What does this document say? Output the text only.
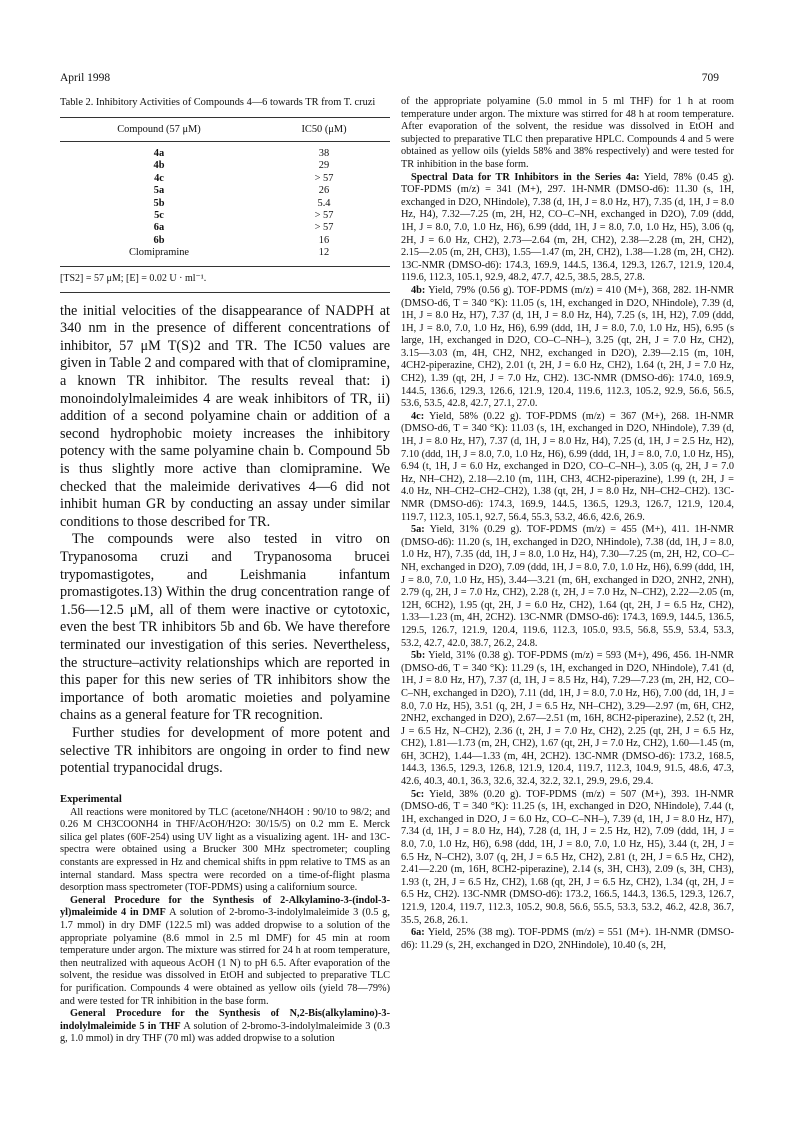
April 1998	709

Table 2. Inhibitory Activities of Compounds 4—6 towards TR from T. cruzi

Compound (57 μM)	IC50 (μM)
4a	38
4b	29
4c	> 57
5a	26
5b	5.4
5c	> 57
6a	> 57
6b	16
Clomipramine	12

[TS2] = 57 μM; [E] = 0.02 U · ml⁻¹.

the initial velocities of the disappearance of NADPH at 340 nm in the presence of different concentrations of inhibitor, 57 μM T(S)2 and TR. The IC50 values are given in Table 2 and compared with that of clomipramine, a known TR inhibitor. The results reveal that: i) monoindolylmaleimides 4 are weak inhibitors of TR, ii) addition of a second polyamine chain or addition of a second hydrophobic moiety increases the inhibitory potency with the same polyamine chain b. Compound 5b is thus slightly more active than clomipramine. We checked that the maleimide derivatives 4—6 did not inhibit human GR by conducting an assay under similar conditions to those described for TR.

The compounds were also tested in vitro on Trypanosoma cruzi and Trypanosoma brucei trypomastigotes, and Leishmania infantum promastigotes.13) Within the drug concentration range of 1.56—12.5 μM, all of them were inactive or cytotoxic, even the best TR inhibitors 5b and 6b. We have therefore terminated our investigation of this series. Nevertheless, the structure–activity relationships which are reported in this paper for this new series of TR inhibitors show the importance of both aromatic moieties and polyamine chains as a general feature for TR recognition.

Further studies for development of more potent and selective TR inhibitors are ongoing in order to find new potential trypanocidal drugs.

Experimental

All reactions were monitored by TLC (acetone/NH4OH : 90/10 to 98/2; and 0.26 M CH3COONH4 in THF/AcOH/H2O: 30/15/5) on 0.2 mm E. Merck silica gel plates (60F-254) using UV light as a visualizing agent. 1H- and 13C-spectra were obtained using a Brucker 300 MHz spectrometer; coupling constants are expressed in Hz and chemical shifts in ppm relative to TMS as an internal standard. Mass spectra were recorded on a time-of-flight plasma desorption mass spectrometer (TOF-PDMS) using a californium source.

General Procedure for the Synthesis of 2-Alkylamino-3-(indol-3-yl)maleimide 4 in DMF A solution of 2-bromo-3-indolylmaleimide 3 (0.5 g, 1.7 mmol) in dry DMF (122.5 ml) was added dropwise to a solution of the appropriate polyamine (8.6 mmol in 2.5 ml DMF) for 45 min at room temperature under argon. The mixture was stirred for 24 h at room temperature, then neutralized with aqueous AcOH (1 N) to pH 6.5. After evaporation of the solvent, the residue was dissolved in EtOH and subjected to preparative TLC for purification. Compounds 4 were obtained as yellow oils (yield 78—79%) and were tested for TR inhibition in the base form.

General Procedure for the Synthesis of N,2-Bis(alkylamino)-3-indolylmaleimide 5 in THF A solution of 2-bromo-3-indolylmaleimide 3 (0.3 g, 1.0 mmol) in dry THF (70 ml) was added dropwise to a solution

of the appropriate polyamine (5.0 mmol in 5 ml THF) for 1 h at room temperature under argon. The mixture was stirred for 48 h at room temperature. After evaporation of the solvent, the residue was dissolved in EtOH and subjected to preparative TLC then preparative HPLC. Compounds 4 and 5 were obtained as yellow oils (yields 58% and 38% respectively) and were tested for TR inhibition in the base form.

Spectral Data for TR Inhibitors in the Series 4a: Yield, 78% (0.45 g). TOF-PDMS (m/z) = 341 (M+), 297. 1H-NMR (DMSO-d6): 11.30 (s, 1H, exchanged in D2O, NHindole), 7.38 (d, 1H, J = 8.0 Hz, H7), 7.35 (d, 1H, J = 8.0 Hz, H4), 7.32—7.25 (m, 2H, H2, CO–C–NH, exchanged in D2O), 7.09 (ddd, 1H, J = 8.0, 7.0, 1.0 Hz, H6), 6.99 (ddd, 1H, J = 8.0, 7.0, 1.0 Hz, H5), 3.06 (q, 2H, J = 6.0 Hz, CH2), 2.73—2.64 (m, 2H, CH2), 2.38—2.28 (m, 2H, CH2), 2.15—2.05 (m, 2H, CH3), 1.55—1.47 (m, 2H, CH2), 1.38—1.28 (m, 2H, CH2). 13C-NMR (DMSO-d6): 174.3, 169.9, 144.5, 136.4, 129.3, 126.7, 121.9, 120.4, 119.6, 112.3, 105.1, 92.9, 48.2, 47.7, 42.5, 38.5, 28.5, 27.8.

4b: Yield, 79% (0.56 g). TOF-PDMS (m/z) = 410 (M+), 368, 282. 1H-NMR (DMSO-d6, T = 340 °K): 11.05 (s, 1H, exchanged in D2O, NHindole), 7.39 (d, 1H, J = 8.0 Hz, H7), 7.37 (d, 1H, J = 8.0 Hz, H4), 7.25 (s, 1H, H2), 7.09 (ddd, 1H, J = 8.0, 7.0, 1.0 Hz, H6), 6.99 (ddd, 1H, J = 8.0, 7.0, 1.0 Hz, H5), 6.95 (s large, 1H, exchanged in D2O, CO–C–NH–), 3.25 (qt, 2H, J = 7.0 Hz, CH2), 3.15—3.03 (m, 4H, CH2, NH2, exchanged in D2O), 2.39—2.15 (m, 10H, 4CH2-piperazine, CH2), 2.01 (t, 2H, J = 6.0 Hz, CH2), 1.64 (t, 2H, J = 7.0 Hz, CH2), 1.39 (qt, 2H, J = 7.0 Hz, CH2). 13C-NMR (DMSO-d6): 174.0, 169.9, 144.5, 136.6, 129.3, 126.6, 121.9, 120.4, 119.6, 112.3, 105.2, 92.9, 56.6, 56.5, 53.6, 53.5, 42.8, 42.7, 27.1, 27.0.

4c: Yield, 58% (0.22 g). TOF-PDMS (m/z) = 367 (M+), 268. 1H-NMR (DMSO-d6, T = 340 °K): 11.03 (s, 1H, exchanged in D2O, NHindole), 7.39 (d, 1H, J = 8.0 Hz, H7), 7.37 (d, 1H, J = 8.0 Hz, H4), 7.25 (d, 1H, J = 2.5 Hz, H2), 7.10 (ddd, 1H, J = 8.0, 7.0, 1.0 Hz, H6), 6.99 (ddd, 1H, J = 8.0, 7.0, 1.0 Hz, H5), 6.94 (t, 1H, J = 6.0 Hz, exchanged in D2O, CO–C–NH–), 3.05 (q, 2H, J = 7.0 Hz, NH–CH2), 2.18—2.10 (m, 11H, CH3, 4CH2-piperazine), 1.99 (t, 2H, J = 4.0 Hz, NH–CH2–CH2–CH2), 1.38 (qt, 2H, J = 8.0 Hz, NH–CH2–CH2). 13C-NMR (DMSO-d6): 174.3, 169.9, 144.5, 136.5, 129.3, 126.7, 121.9, 120.4, 119.7, 112.3, 105.1, 92.7, 56.4, 55.3, 53.2, 46.6, 42.6, 26.9.

5a: Yield, 31% (0.29 g). TOF-PDMS (m/z) = 455 (M+), 411. 1H-NMR (DMSO-d6): 11.20 (s, 1H, exchanged in D2O, NHindole), 7.38 (dd, 1H, J = 8.0, 1.0 Hz, H7), 7.35 (dd, 1H, J = 8.0, 1.0 Hz, H4), 7.30—7.25 (m, 2H, H2, CO–C–NH, exchanged in D2O), 7.09 (ddd, 1H, J = 8.0, 7.0, 1.0 Hz, H6), 6.99 (ddd, 1H, J = 8.0, 7.0, 1.0 Hz, H5), 3.44—3.21 (m, 6H, exchanged in D2O, 2NH2, 2NH), 2.79 (q, 2H, J = 7.0 Hz, CH2), 2.28 (t, 2H, J = 7.0 Hz, N–CH2), 2.22—2.05 (m, 12H, 6CH2), 1.95 (qt, 2H, J = 6.0 Hz, CH2), 1.64 (qt, 2H, J = 6.5 Hz, CH2), 1.33—1.23 (m, 4H, 2CH2). 13C-NMR (DMSO-d6): 174.3, 169.9, 144.5, 136.5, 129.5, 126.7, 121.9, 120.4, 119.6, 112.3, 105.0, 93.5, 56.8, 55.9, 53.4, 53.3, 53.2, 42.7, 42.0, 38.7, 26.2, 24.8.

5b: Yield, 31% (0.38 g). TOF-PDMS (m/z) = 593 (M+), 496, 456. 1H-NMR (DMSO-d6, T = 340 °K): 11.29 (s, 1H, exchanged in D2O, NHindole), 7.41 (d, 1H, J = 8.0 Hz, H7), 7.37 (d, 1H, J = 8.5 Hz, H4), 7.29—7.23 (m, 2H, H2, CO–C–NH, exchanged in D2O), 7.11 (dd, 1H, J = 8.0, 7.0 Hz, H6), 7.00 (dd, 1H, J = 8.0, 7.0 Hz, H5), 3.51 (q, 2H, J = 6.5 Hz, NH–CH2), 3.29—2.97 (m, 6H, CH2, 2NH2, exchanged in D2O), 2.67—2.51 (m, 16H, 8CH2-piperazine), 2.52 (t, 2H, J = 6.5 Hz, N–CH2), 2.36 (t, 2H, J = 7.0 Hz, CH2), 2.25 (qt, 2H, J = 6.5 Hz, CH2), 1.81—1.73 (m, 2H, CH2), 1.67 (qt, 2H, J = 7.0 Hz, CH2), 1.60—1.45 (m, 6H, 3CH2), 1.44—1.33 (m, 4H, 2CH2). 13C-NMR (DMSO-d6): 173.2, 168.5, 144.3, 136.5, 129.3, 126.8, 121.9, 120.4, 119.7, 112.3, 104.9, 91.5, 48.6, 47.3, 42.6, 40.3, 40.1, 36.3, 32.6, 32.4, 32.2, 32.1, 29.9, 29.6, 29.4.

5c: Yield, 38% (0.20 g). TOF-PDMS (m/z) = 507 (M+), 393. 1H-NMR (DMSO-d6, T = 340 °K): 11.25 (s, 1H, exchanged in D2O, NHindole), 7.44 (t, 1H, exchanged in D2O, J = 6.0 Hz, CO–C–NH–), 7.39 (d, 1H, J = 8.0 Hz, H7), 7.34 (d, 1H, J = 8.0 Hz, H4), 7.28 (d, 1H, J = 2.5 Hz, H2), 7.09 (ddd, 1H, J = 8.0, 7.0, 1.0 Hz, H6), 6.98 (ddd, 1H, J = 8.0, 7.0, 1.0 Hz, H5), 3.44 (t, 2H, J = 6.5 Hz, N–CH2), 3.07 (q, 2H, J = 6.5 Hz, CH2), 2.81 (t, 2H, J = 6.5 Hz, CH2), 2.41—2.20 (m, 16H, 8CH2-piperazine), 2.14 (s, 3H, CH3), 2.09 (s, 3H, CH3), 1.93 (t, 2H, J = 6.5 Hz, CH2), 1.68 (qt, 2H, J = 6.5 Hz, CH2), 1.34 (qt, 2H, J = 6.5 Hz, CH2). 13C-NMR (DMSO-d6): 173.2, 166.5, 144.3, 136.5, 129.3, 126.7, 121.9, 120.4, 119.7, 112.3, 105.2, 90.8, 56.6, 55.5, 53.3, 53.2, 46.2, 42.8, 36.7, 35.5, 26.8, 26.1.

6a: Yield, 25% (38 mg). TOF-PDMS (m/z) = 551 (M+). 1H-NMR (DMSO-d6): 11.29 (s, 2H, exchanged in D2O, 2NHindole), 10.40 (s, 2H,
